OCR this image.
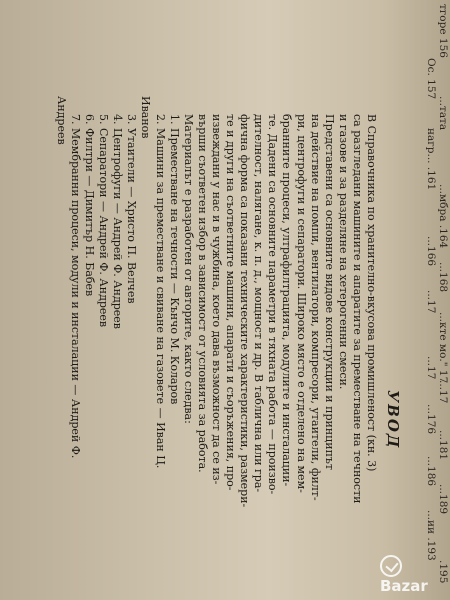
тгоре 156
Ос. 157
...тата
нагр... .161
...мбра .164
...166
...168
...17
...кте мо." 17
...17
...17
...176
...181
...186
...189
...ии .193
.195
УВОД

В Справочника по хранително-вкусова промишленост (кн. 3)
са разгледани машините и апаратите за преместване на течности
и газове и за разделяне на хетерогенни смеси.

Представени са основните видове конструкции и принципът
на действие на помпи, вентилатори, компресори, утаители, филт-
ри, центрофуги и сепаратори. Широко място е отделено на мем-
бранните процеси, ултрафилтрацията, модулите и инсталации-
те. Дадени са основните параметри в тяхната работа — произво-
дителност, налягане, к. п. д., мощност и др. В таблична или гра-
фична форма са показани техническите характеристики, размери-
те и други на съответните машини, апарати и съоръжения, про-
извеждани у нас и в чужбина, което дава възможност да се из-
върши съответен избор в зависимост от условията за работа.

Материалът е разработен от авторите, както следва:

1. Преместване на течности — Кънчо М. Коларов
2. Машини за преместване и свиване на газовете — Иван Ц.
Иванов
3. Утаители — Христо П. Велчев
4. Центрофуги — Андрей Ф. Андреев
5. Сепаратори — Андрей Ф. Андреев
6. Филтри — Димитър Н. Бабев
7. Мембранни процеси, модули и инсталации — Андрей Ф.
Андреев
Bazar
